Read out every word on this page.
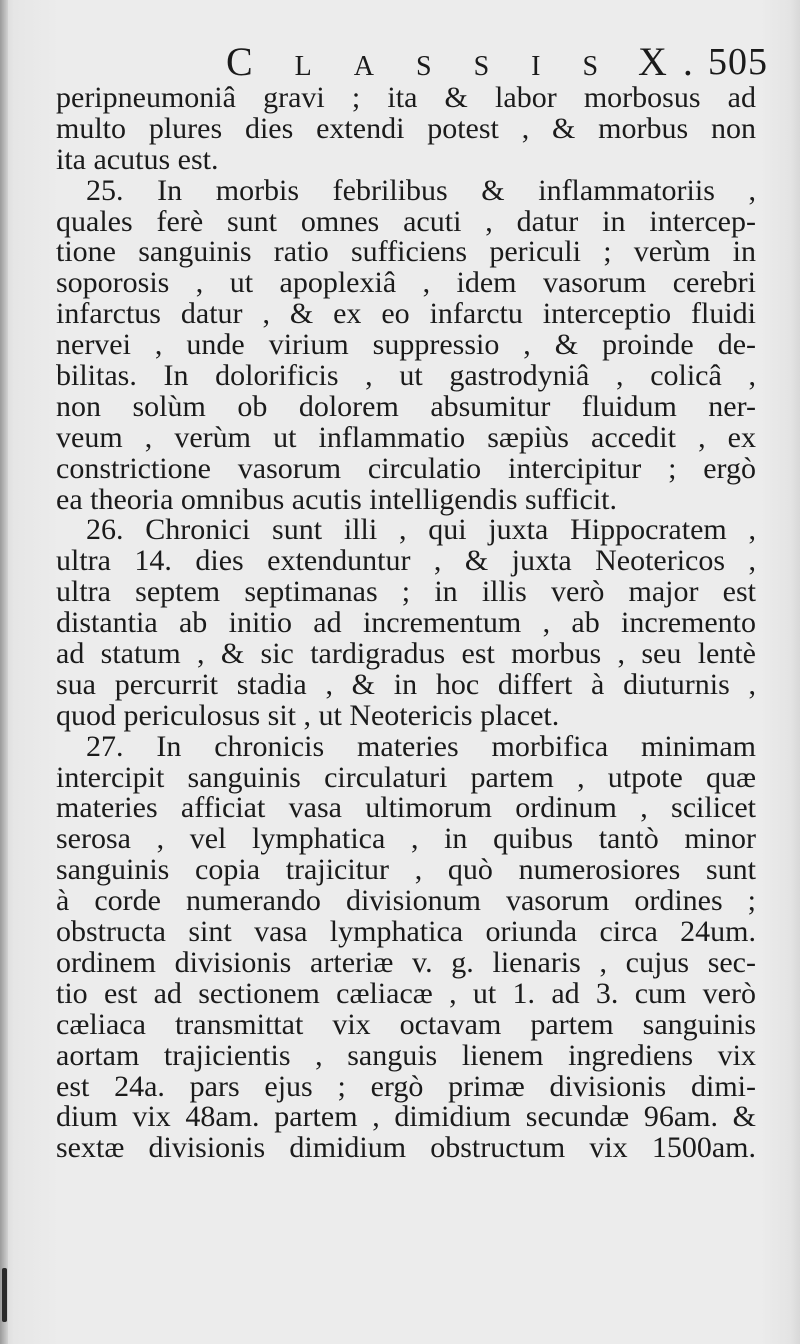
C l a s s i s X. 505
peripneumoniâ gravi ; ita & labor morbosus ad
multo plures dies extendi potest , & morbus non
ita acutus est.
25. In morbis febrilibus & inflammatoriis ,
quales ferè sunt omnes acuti , datur in intercep-
tione sanguinis ratio sufficiens periculi ; verùm in
soporosis , ut apoplexiâ , idem vasorum cerebri
infarctus datur , & ex eo infarctu interceptio fluidi
nervei , unde virium suppressio , & proinde de-
bilitas. In dolorificis , ut gastrodyniâ , colicâ ,
non solùm ob dolorem absumitur fluidum ner-
veum , verùm ut inflammatio sæpiùs accedit , ex
constrictione vasorum circulatio intercipitur ; ergò
ea theoria omnibus acutis intelligendis sufficit.
26. Chronici sunt illi , qui juxta Hippocratem ,
ultra 14. dies extenduntur , & juxta Neotericos ,
ultra septem septimanas ; in illis verò major est
distantia ab initio ad incrementum , ab incremento
ad statum , & sic tardigradus est morbus , seu lentè
sua percurrit stadia , & in hoc differt à diuturnis ,
quod periculosus sit , ut Neotericis placet.
27. In chronicis materies morbifica minimam
intercipit sanguinis circulaturi partem , utpote quæ
materies afficiat vasa ultimorum ordinum , scilicet
serosa , vel lymphatica , in quibus tantò minor
sanguinis copia trajicitur , quò numerosiores sunt
à corde numerando divisionum vasorum ordines ;
obstructa sint vasa lymphatica oriunda circa 24um.
ordinem divisionis arteriæ v. g. lienaris , cujus sec-
tio est ad sectionem cæliacæ , ut 1. ad 3. cum verò
cæliaca transmittat vix octavam partem sanguinis
aortam trajicientis , sanguis lienem ingrediens vix
est 24a. pars ejus ; ergò primæ divisionis dimi-
dium vix 48am. partem , dimidium secundæ 96am. &
sextæ divisionis dimidium obstructum vix 1500am.
